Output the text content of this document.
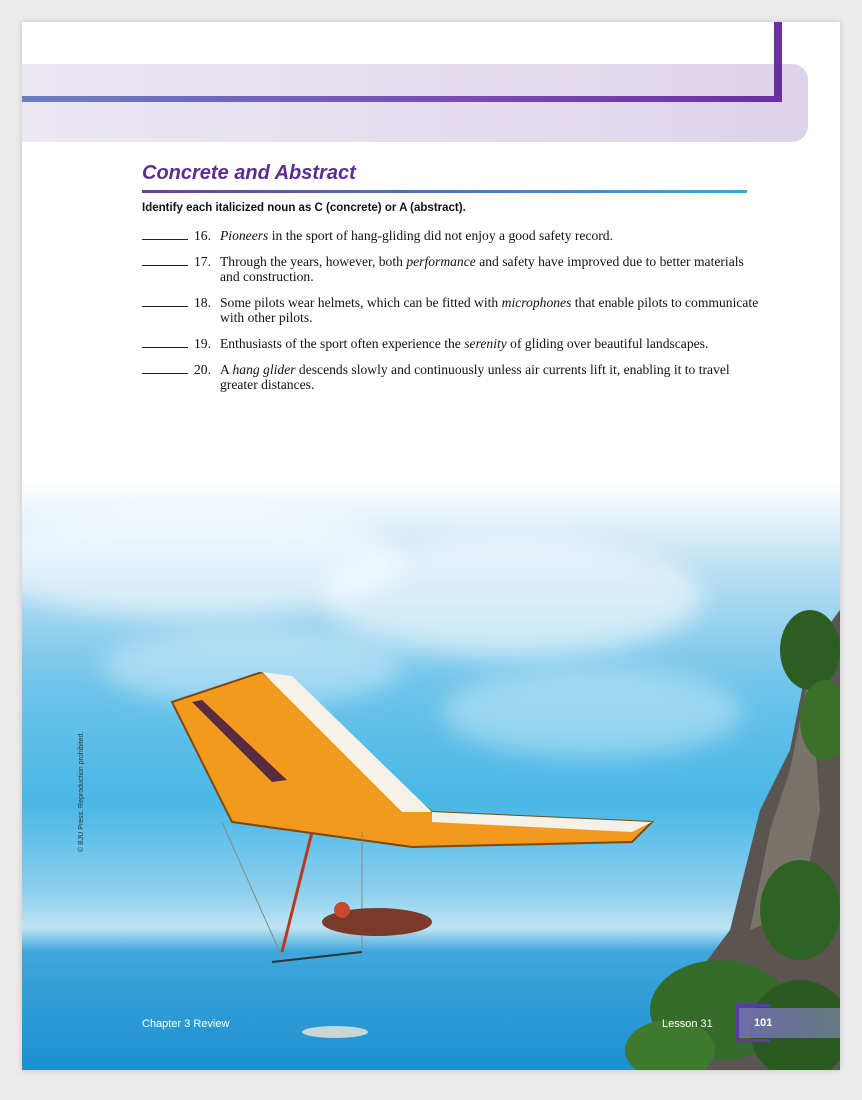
Concrete and Abstract
Identify each italicized noun as C (concrete) or A (abstract).
16. Pioneers in the sport of hang-gliding did not enjoy a good safety record.
17. Through the years, however, both performance and safety have improved due to better materials and construction.
18. Some pilots wear helmets, which can be fitted with microphones that enable pilots to communicate with other pilots.
19. Enthusiasts of the sport often experience the serenity of gliding over beautiful landscapes.
20. A hang glider descends slowly and continuously unless air currents lift it, enabling it to travel greater distances.
© BJU Press. Reproduction prohibited.
Chapter 3 Review	Lesson 31	101
